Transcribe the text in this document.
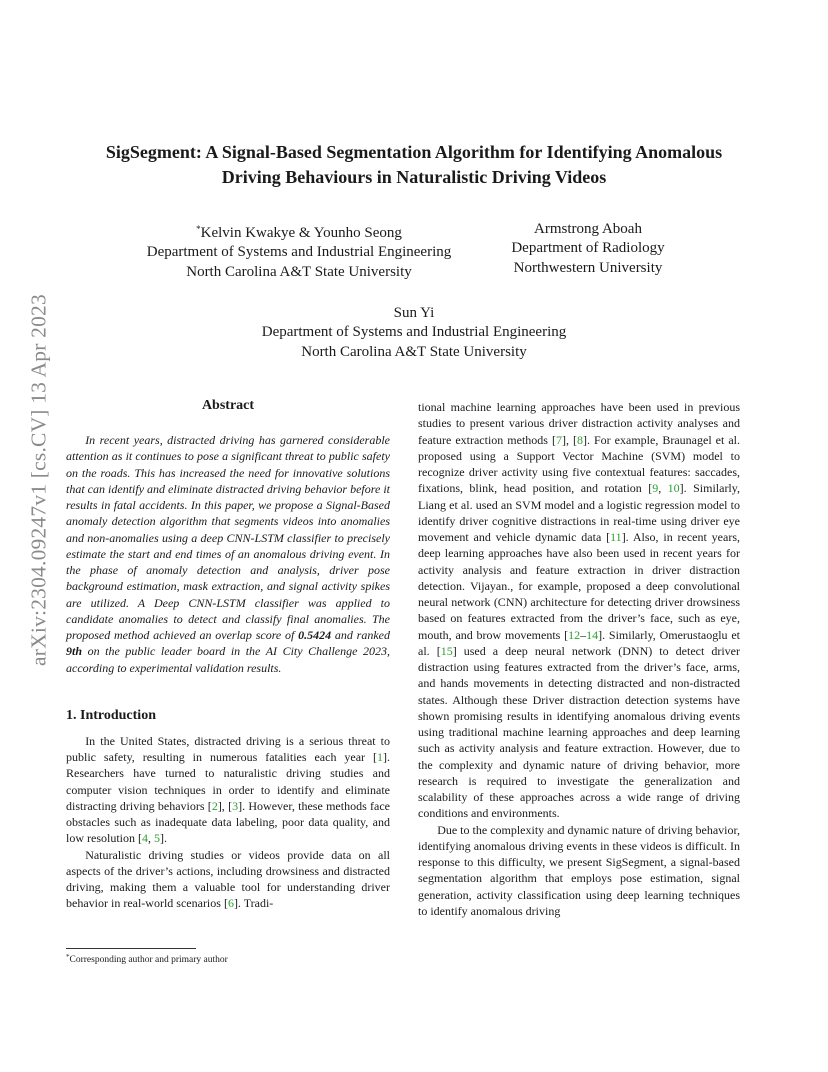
arXiv:2304.09247v1 [cs.CV] 13 Apr 2023
SigSegment: A Signal-Based Segmentation Algorithm for Identifying Anomalous
Driving Behaviours in Naturalistic Driving Videos
*Kelvin Kwakye & Younho Seong
Department of Systems and Industrial Engineering
North Carolina A&T State University
Armstrong Aboah
Department of Radiology
Northwestern University
Sun Yi
Department of Systems and Industrial Engineering
North Carolina A&T State University
Abstract

In recent years, distracted driving has garnered considerable attention as it continues to pose a significant threat to public safety on the roads. This has increased the need for innovative solutions that can identify and eliminate distracted driving behavior before it results in fatal accidents. In this paper, we propose a Signal-Based anomaly detection algorithm that segments videos into anomalies and non-anomalies using a deep CNN-LSTM classifier to precisely estimate the start and end times of an anomalous driving event. In the phase of anomaly detection and analysis, driver pose background estimation, mask extraction, and signal activity spikes are utilized. A Deep CNN-LSTM classifier was applied to candidate anomalies to detect and classify final anomalies. The proposed method achieved an overlap score of 0.5424 and ranked 9th on the public leader board in the AI City Challenge 2023, according to experimental validation results.

1. Introduction

In the United States, distracted driving is a serious threat to public safety, resulting in numerous fatalities each year [1]. Researchers have turned to naturalistic driving studies and computer vision techniques in order to identify and eliminate distracting driving behaviors [2], [3]. However, these methods face obstacles such as inadequate data labeling, poor data quality, and low resolution [4, 5].

Naturalistic driving studies or videos provide data on all aspects of the driver’s actions, including drowsiness and distracted driving, making them a valuable tool for understanding driver behavior in real-world scenarios [6]. Tradi-

tional machine learning approaches have been used in previous studies to present various driver distraction activity analyses and feature extraction methods [7], [8]. For example, Braunagel et al. proposed using a Support Vector Machine (SVM) model to recognize driver activity using five contextual features: saccades, fixations, blink, head position, and rotation [9, 10]. Similarly, Liang et al. used an SVM model and a logistic regression model to identify driver cognitive distractions in real-time using driver eye movement and vehicle dynamic data [11]. Also, in recent years, deep learning approaches have also been used in recent years for activity analysis and feature extraction in driver distraction detection. Vijayan., for example, proposed a deep convolutional neural network (CNN) architecture for detecting driver drowsiness based on features extracted from the driver’s face, such as eye, mouth, and brow movements [12–14]. Similarly, Omerustaoglu et al. [15] used a deep neural network (DNN) to detect driver distraction using features extracted from the driver’s face, arms, and hands movements in detecting distracted and non-distracted states. Although these Driver distraction detection systems have shown promising results in identifying anomalous driving events using traditional machine learning approaches and deep learning such as activity analysis and feature extraction. However, due to the complexity and dynamic nature of driving behavior, more research is required to investigate the generalization and scalability of these approaches across a wide range of driving conditions and environments.

Due to the complexity and dynamic nature of driving behavior, identifying anomalous driving events in these videos is difficult. In response to this difficulty, we present SigSegment, a signal-based segmentation algorithm that employs pose estimation, signal generation, activity classification using deep learning techniques to identify anomalous driving

*Corresponding author and primary author
